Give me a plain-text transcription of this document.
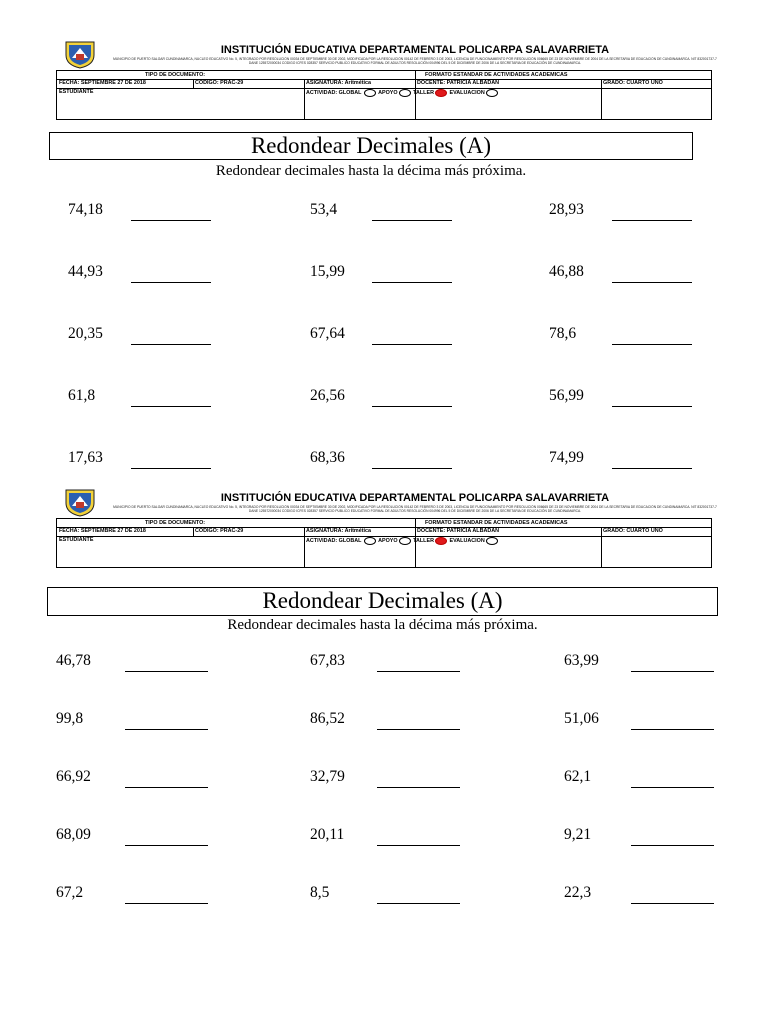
INSTITUCIÓN EDUCATIVA DEPARTAMENTAL POLICARPA SALAVARRIETA
MUNICIPIO DE PUERTO SALGAR CUNDINAMARCA, NUCLEO EDUCATIVO No. 5, INTEGRADO POR RESOLUCIÓN 00034 DE SEPTIEMBRE 30 DE 2002, MODIFICADA POR LA RESOLUCIÓN 00142 DE FEBRERO 3 DE 2003, LICENCIA DE FUNCIONAMIENTO POR RESOLUCIÓN 006665 DE 23 DE NOVIEMBRE DE 2004 DE LA SECRETARIA DE EDUCACIÓN DE CUNDINAMARCA. NIT 832001737-7 DANE 125572000034 CODIGO ICFES 028357 SERVICIO PUBLICO EDUCATIVO FORMAL DE ADULTOS RESOLUCIÓN 004996 DEL 5 DE DICIEMBRE DE 2006 DE LA SECRETARIA DE EDUCACIÓN DE CUNDINAMARCA.
TIPO DE DOCUMENTO:	FORMATO ESTANDAR DE ACTIVIDADES ACADEMICAS
FECHA: SEPTIEMBRE 27 DE 2018	CODIGO: PRAC-29	ASIGNATURA: Aritmética	DOCENTE: PATRICIA ALBADAN	GRADO: CUARTO UNO
ESTUDIANTE	ACTIVIDAD: GLOBAL	APOYO	TALLER	EVALUACION
Redondear Decimales (A)
Redondear decimales hasta la décima más próxima.
74,18	53,4	28,93
44,93	15,99	46,88
20,35	67,64	78,6
61,8	26,56	56,99
17,63	68,36	74,99
INSTITUCIÓN EDUCATIVA DEPARTAMENTAL POLICARPA SALAVARRIETA
MUNICIPIO DE PUERTO SALGAR CUNDINAMARCA, NUCLEO EDUCATIVO No. 5, INTEGRADO POR RESOLUCIÓN 00034 DE SEPTIEMBRE 30 DE 2002, MODIFICADA POR LA RESOLUCIÓN 00142 DE FEBRERO 3 DE 2003, LICENCIA DE FUNCIONAMIENTO POR RESOLUCIÓN 006665 DE 23 DE NOVIEMBRE DE 2004 DE LA SECRETARIA DE EDUCACIÓN DE CUNDINAMARCA. NIT 832001737-7 DANE 125572000034 CODIGO ICFES 028357 SERVICIO PUBLICO EDUCATIVO FORMAL DE ADULTOS RESOLUCIÓN 004996 DEL 5 DE DICIEMBRE DE 2006 DE LA SECRETARIA DE EDUCACIÓN DE CUNDINAMARCA.
TIPO DE DOCUMENTO:	FORMATO ESTANDAR DE ACTIVIDADES ACADEMICAS
FECHA: SEPTIEMBRE 27 DE 2018	CODIGO: PRAC-29	ASIGNATURA: Aritmética	DOCENTE: PATRICIA ALBADAN	GRADO: CUARTO UNO
ESTUDIANTE	ACTIVIDAD: GLOBAL	APOYO	TALLER	EVALUACION
Redondear Decimales (A)
Redondear decimales hasta la décima más próxima.
46,78	67,83	63,99
99,8	86,52	51,06
66,92	32,79	62,1
68,09	20,11	9,21
67,2	8,5	22,3
